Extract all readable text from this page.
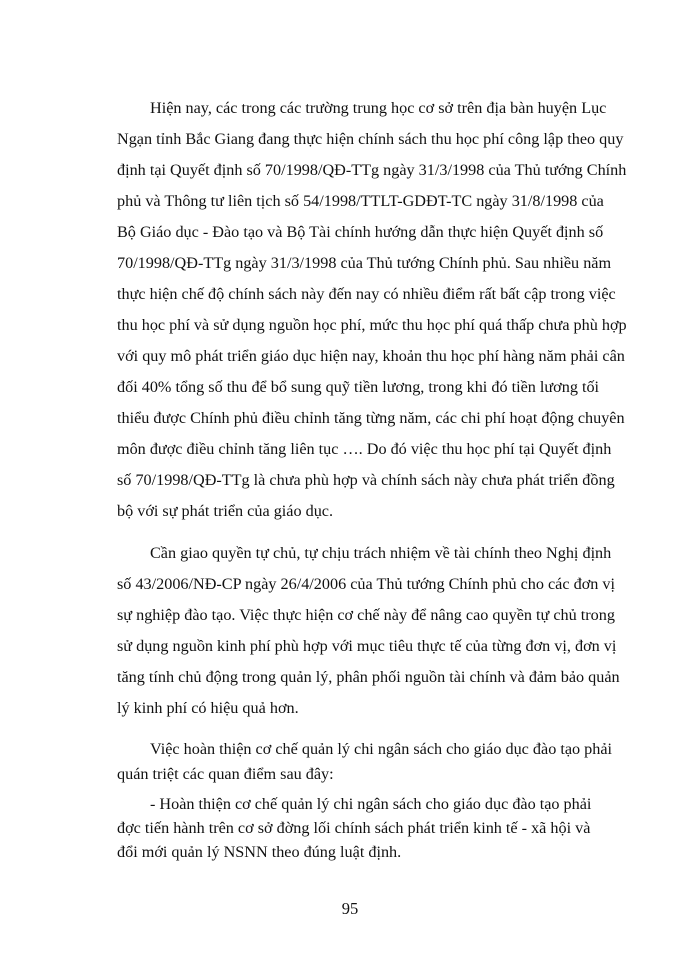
Hiện nay, các trong các trường trung học cơ sở trên địa bàn huyện Lục
Ngạn tỉnh Bắc Giang đang thực hiện chính sách thu học phí công lập theo quy
định tại Quyết định số 70/1998/QĐ-TTg ngày 31/3/1998 của Thủ tướng Chính
phủ và Thông tư liên tịch số 54/1998/TTLT-GDĐT-TC ngày 31/8/1998 của
Bộ Giáo dục - Đào tạo và Bộ Tài chính hướng dẫn thực hiện Quyết định số
70/1998/QĐ-TTg ngày 31/3/1998 của Thủ tướng Chính phủ. Sau nhiều năm
thực hiện chế độ chính sách này đến nay có nhiều điểm rất bất cập trong việc
thu học phí và sử dụng nguồn học phí, mức thu học phí quá thấp chưa phù hợp
với quy mô phát triển giáo dục hiện nay, khoản thu học phí hàng năm phải cân
đối 40% tổng số thu để bổ sung quỹ tiền lương, trong khi đó tiền lương tối
thiểu được Chính phủ điều chỉnh tăng từng năm, các chi phí hoạt động chuyên
môn được điều chỉnh tăng liên tục …. Do đó việc thu học phí tại Quyết định
số 70/1998/QĐ-TTg là chưa phù hợp và chính sách này chưa phát triển đồng
bộ với sự phát triển của giáo dục.
Cần giao quyền tự chủ, tự chịu trách nhiệm về tài chính theo Nghị định
số 43/2006/NĐ-CP ngày 26/4/2006 của Thủ tướng Chính phủ cho các đơn vị
sự nghiệp đào tạo. Việc thực hiện cơ chế này để nâng cao quyền tự chủ trong
sử dụng nguồn kinh phí phù hợp với mục tiêu thực tế của từng đơn vị, đơn vị
tăng tính chủ động trong quản lý, phân phối nguồn tài chính và đảm bảo quản
lý kinh phí có hiệu quả hơn.
Việc hoàn thiện cơ chế quản lý chi ngân sách cho giáo dục đào tạo phải
quán triệt các quan điểm sau đây:
- Hoàn thiện cơ chế quản lý chi ngân sách cho giáo dục đào tạo phải
đợc tiến hành trên cơ sở đờng lối chính sách phát triển kinh tế - xã hội và
đổi mới quản lý NSNN theo đúng luật định.
95
